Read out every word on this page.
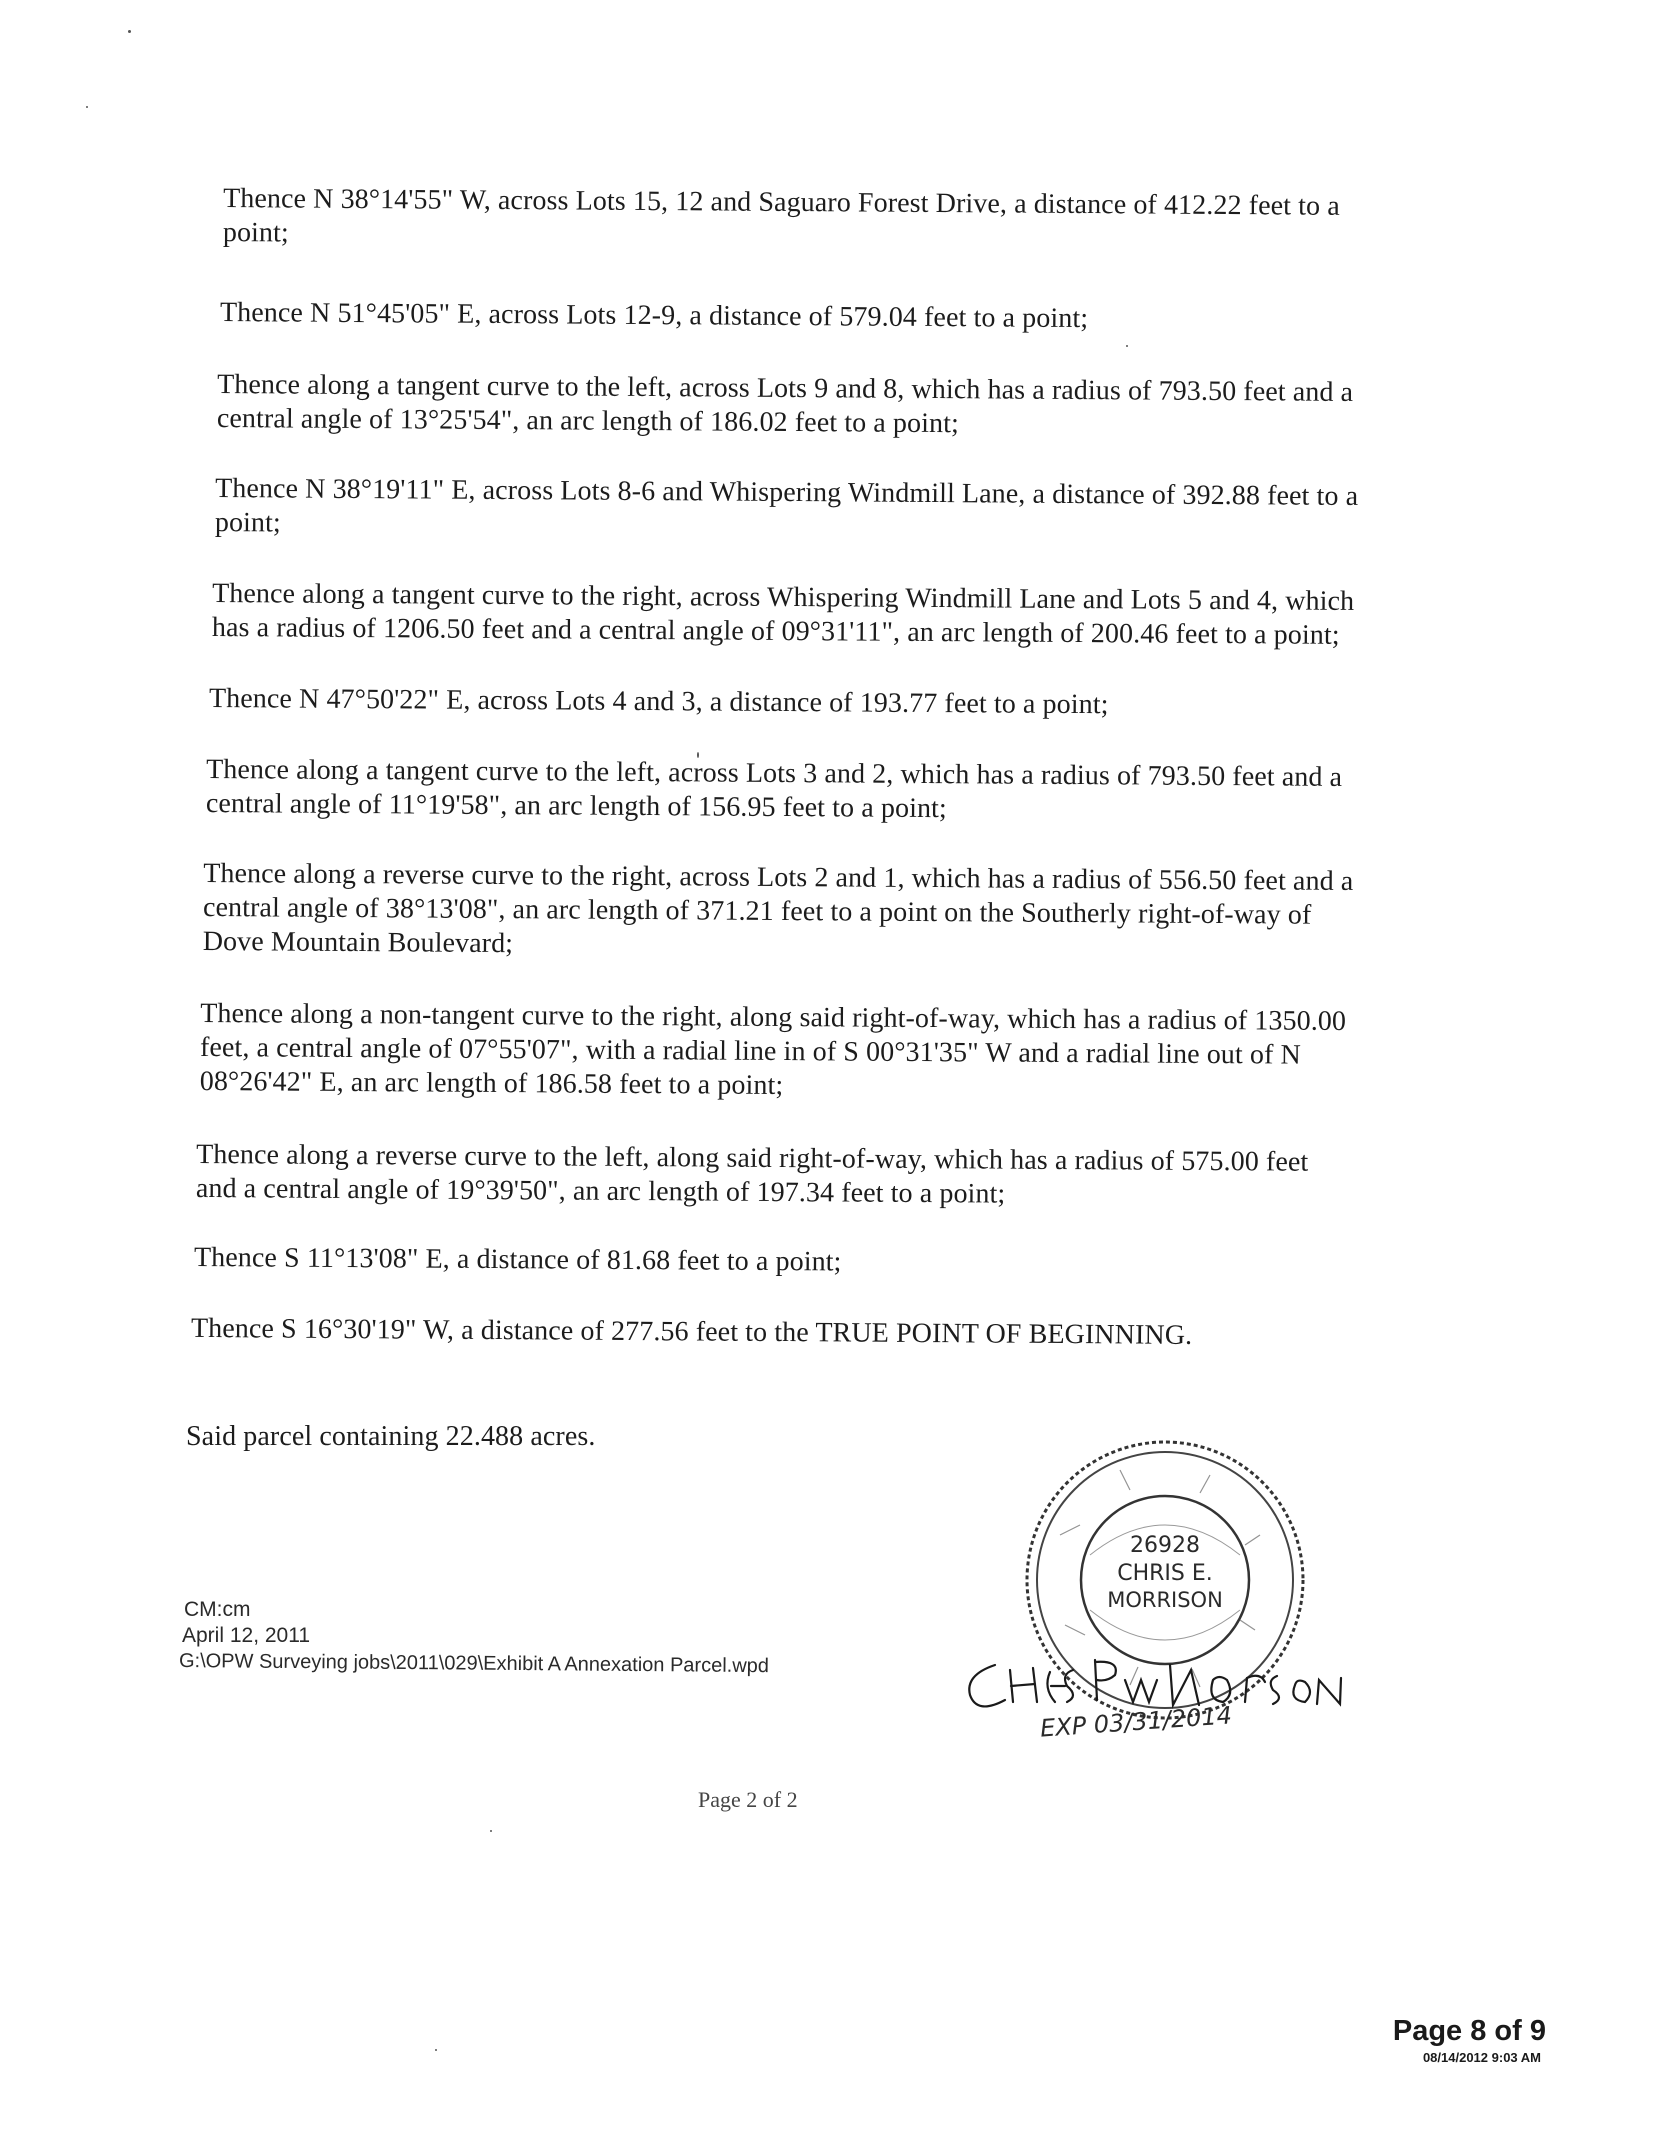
Thence N 38°14'55" W, across Lots 15, 12 and Saguaro Forest Drive, a distance of 412.22 feet to a point;

Thence N 51°45'05" E, across Lots 12-9, a distance of 579.04 feet to a point;

Thence along a tangent curve to the left, across Lots 9 and 8, which has a radius of 793.50 feet and a central angle of 13°25'54", an arc length of 186.02 feet to a point;

Thence N 38°19'11" E, across Lots 8-6 and Whispering Windmill Lane, a distance of 392.88 feet to a point;

Thence along a tangent curve to the right, across Whispering Windmill Lane and Lots 5 and 4, which has a radius of 1206.50 feet and a central angle of 09°31'11", an arc length of 200.46 feet to a point;

Thence N 47°50'22" E, across Lots 4 and 3, a distance of 193.77 feet to a point;

Thence along a tangent curve to the left, across Lots 3 and 2, which has a radius of 793.50 feet and a central angle of 11°19'58", an arc length of 156.95 feet to a point;

Thence along a reverse curve to the right, across Lots 2 and 1, which has a radius of 556.50 feet and a central angle of 38°13'08", an arc length of 371.21 feet to a point on the Southerly right-of-way of Dove Mountain Boulevard;

Thence along a non-tangent curve to the right, along said right-of-way, which has a radius of 1350.00 feet, a central angle of 07°55'07", with a radial line in of S 00°31'35" W and a radial line out of N 08°26'42" E, an arc length of 186.58 feet to a point;

Thence along a reverse curve to the left, along said right-of-way, which has a radius of 575.00 feet and a central angle of 19°39'50", an arc length of 197.34 feet to a point;

Thence S 11°13'08" E, a distance of 81.68 feet to a point;

Thence S 16°30'19" W, a distance of 277.56 feet to the TRUE POINT OF BEGINNING.

Said parcel containing 22.488 acres.

CM:cm
April 12, 2011
G:\OPW Surveying jobs\2011\029\Exhibit A Annexation Parcel.wpd
Page 2 of 2
26928
CHRIS E.
MORRISON
EXP 03/31/2014
Page 8 of 9
08/14/2012 9:03 AM
